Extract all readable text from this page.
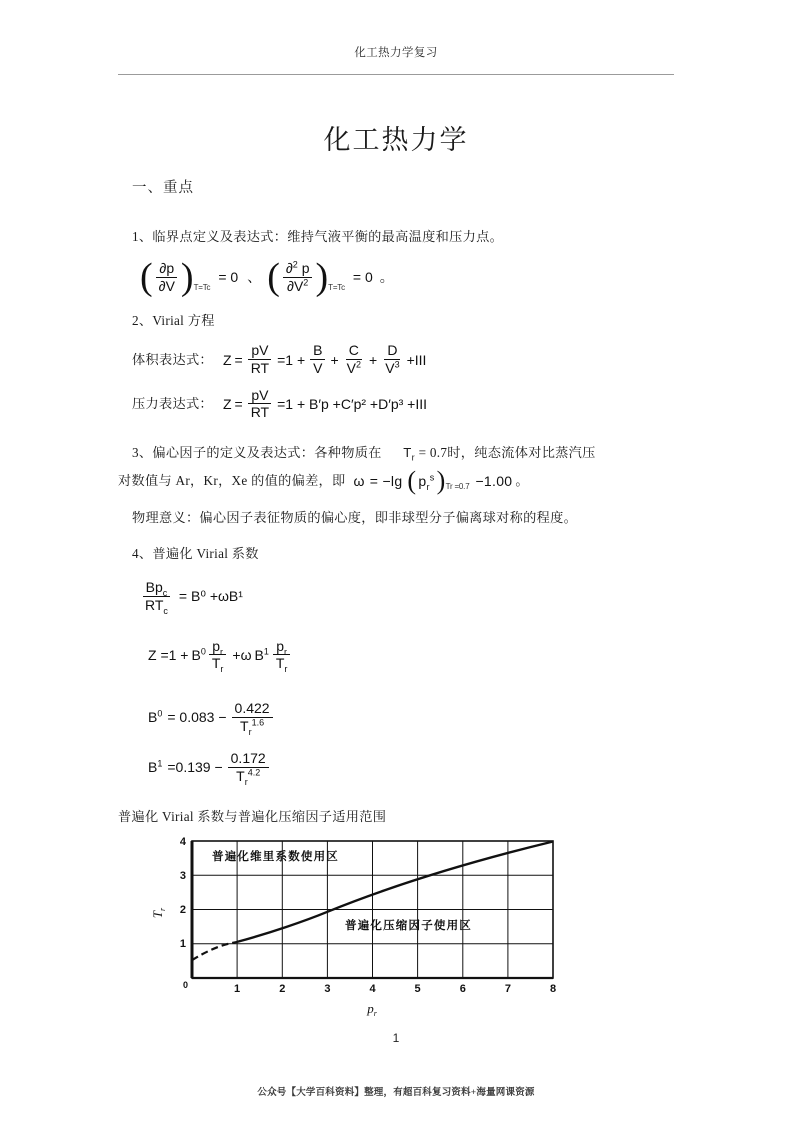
化工热力学复习
化工热力学
一、重点
1、临界点定义及表达式：维持气液平衡的最高温度和压力点。
( $\frac{\partial p}{\partial V}$ ) T=Tc
= 0 、 ( $\frac{\partial^2 p}{\partial V^2}$ ) T=Tc
= 0 。
2、Virial 方程
体积表达式： $Z = \frac{pV}{RT} =1 + \frac{B}{V} + \frac{C}{V^2} + \frac{D}{V^3} +III$
压力表达式： $Z = \frac{pV}{RT} =1 + B'p +C'p^2 +D'p^3 +III$
3、偏心因子的定义及表达式：各种物质在 $T_r = 0.7$时，纯态流体对比蒸汽压
对数值与 Ar，Kr，Xe 的值的偏差，即 ω = −lg ( $p_r^s$ ) Tr =0.7 −1.00 。
物理意义：偏心因子表征物质的偏心度，即非球型分子偏离球对称的程度。
4、普遍化 Virial 系数
$\frac{Bp_c}{RT_c} = B^0 +\omega B^1$
$Z =1 + B^0 \frac{p_r}{T_r} +\omega$ $B^1 \frac{p_r}{T_r}$
$B^0 = 0.083 - \frac{0.422}{T_r^{1.6}}$
$B^1 =0.139 - \frac{0.172}{T_r^{4.2}}$
普遍化 Virial 系数与普遍化压缩因子适用范围
4
3
2
1
0	1	2	3	4	5	6	7	8
$T_r$
$p_r$
普遍化维里系数使用区
普遍化压缩因子使用区
1
公众号【大学百科资料】整理，有超百科复习资料+海量网课资源
